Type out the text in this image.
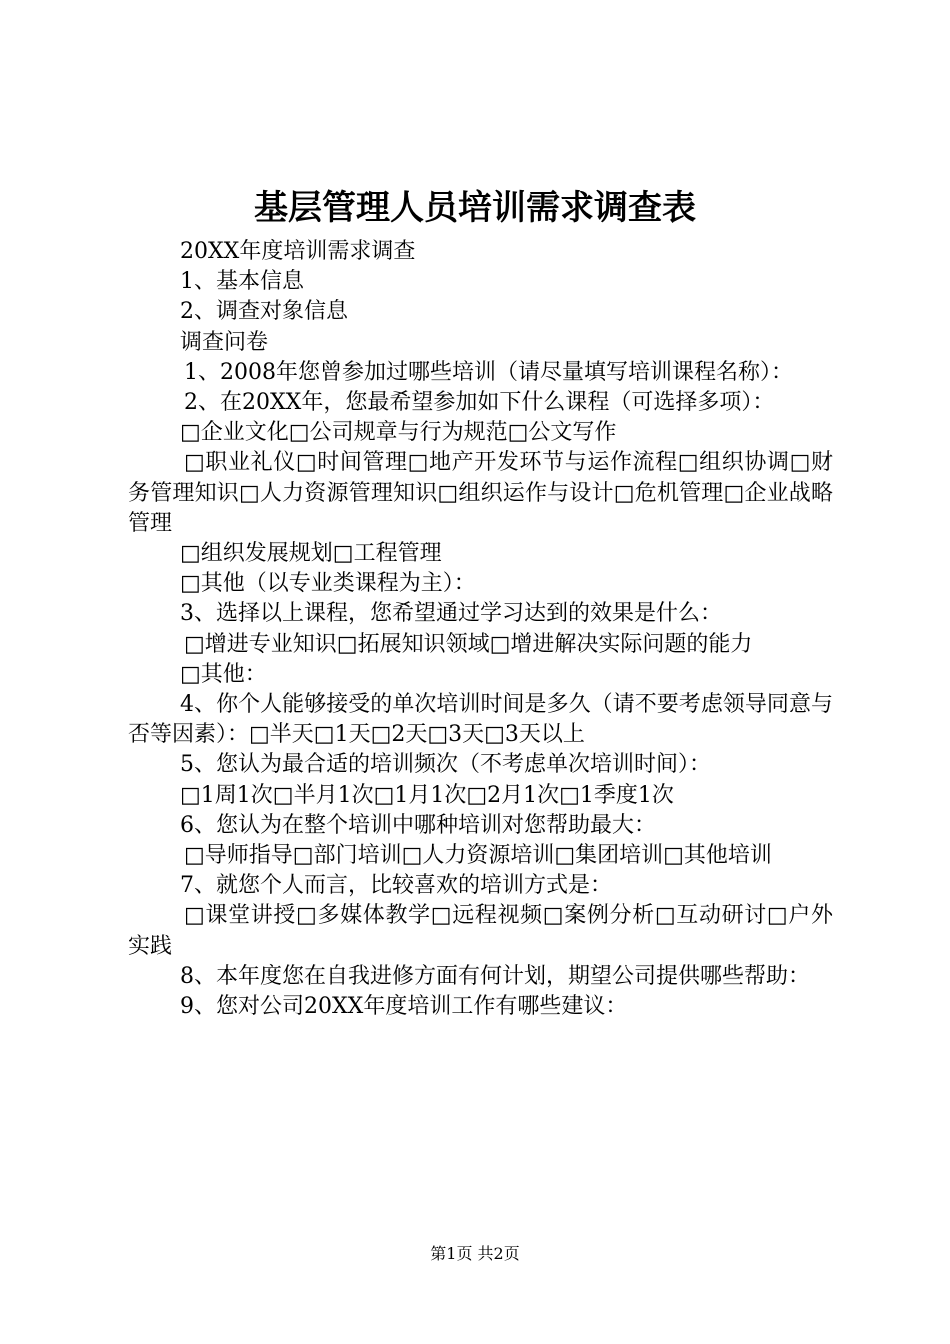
基层管理人员培训需求调查表

20XX年度培训需求调查

1、基本信息

2、调查对象信息

调查问卷

1、2008年您曾参加过哪些培训（请尽量填写培训课程名称）：

2、在20XX年，您最希望参加如下什么课程（可选择多项）：

□企业文化□公司规章与行为规范□公文写作

□职业礼仪□时间管理□地产开发环节与运作流程□组织协调□财务管理知识□人力资源管理知识□组织运作与设计□危机管理□企业战略管理

□组织发展规划□工程管理

□其他（以专业类课程为主）：

3、选择以上课程，您希望通过学习达到的效果是什么：

□增进专业知识□拓展知识领域□增进解决实际问题的能力

□其他：

4、你个人能够接受的单次培训时间是多久（请不要考虑领导同意与否等因素）：□半天□1天□2天□3天□3天以上

5、您认为最合适的培训频次（不考虑单次培训时间）：

□1周1次□半月1次□1月1次□2月1次□1季度1次

6、您认为在整个培训中哪种培训对您帮助最大：

□导师指导□部门培训□人力资源培训□集团培训□其他培训

7、就您个人而言，比较喜欢的培训方式是：

□课堂讲授□多媒体教学□远程视频□案例分析□互动研讨□户外实践

8、本年度您在自我进修方面有何计划，期望公司提供哪些帮助：

9、您对公司20XX年度培训工作有哪些建议：

第1页 共2页
